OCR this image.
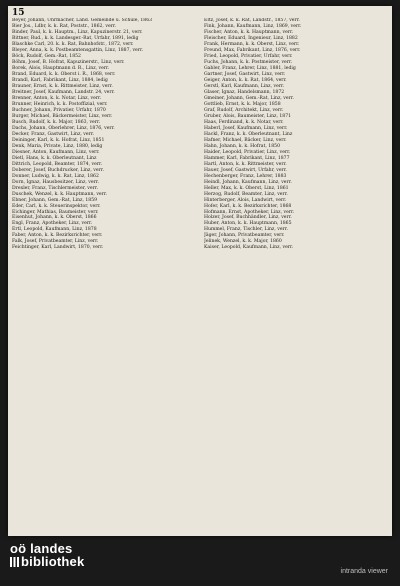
15
Beyer, Johann, Uhrmacher, Land. Gemeinde u. Schule, 1863
Bier Jos., Ldbr, k. k. Rat, Poststr., 1862, verr.
Binder, Paul, k. k. Hauptm., Linz, Kapuzinerstr. 21, verr.
Bittner, Rud., k. k. Landesger.-Rat, Urfahr, 1891, ledig
Blaschke Carl, 20. k. k. Rat, Bahnhofstr., 1872, verr.
Bleyer, Anna, k. k. Postbeamtensgattin, Linz, 1887, verr.
Böck, Rudolf, Gem.-Rat, 1852
Böhm, Josef, B. Hofrat, Kapuzinerstr., Linz, verr.
Borek, Alois, Hauptmann d. R., Linz, verr.
Brand, Eduard, k. k. Oberst i. R., 1868, verr.
Brandl, Karl, Fabrikant, Linz, 1884, ledig
Brauner, Ernst, k. k. Rittmeister, Linz, verr.
Breitner, Josef, Kaufmann, Landstr. 24, verr.
Brenner, Anton, k. k. Notar, Linz, verr.
Brunner, Heinrich, k. k. Postoffizial, verr.
Buchner, Johann, Privatier, Urfahr, 1870
Burger, Michael, Bäckermeister, Linz, verr.
Busch, Rudolf, k. k. Major, 1863, verr.
Dachs, Johann, Oberlehrer, Linz, 1876, verr.
Decker, Franz, Gastwirt, Linz, verr.
Deininger, Karl, k. k. Hofrat, Linz, 1851
Denk, Maria, Private, Linz, 1880, ledig
Diesner, Anton, Kaufmann, Linz, verr.
Dietl, Hans, k. k. Oberleutnant, Linz
Dittrich, Leopold, Beamter, 1874, verr.
Doberer, Josef, Buchdrucker, Linz, verr.
Donner, Ludwig, k. k. Rat, Linz, 1862
Dorn, Ignaz, Hausbesitzer, Linz, verr.
Drexler, Franz, Tischlermeister, verr.
Duschek, Wenzel, k. k. Hauptmann, verr.
Ebner, Johann, Gem.-Rat, Linz, 1859
Eder, Carl, k. k. Steuerinspektor, verr.
Eichinger, Mathias, Baumeister, verr.
Eisenhut, Johann, k. k. Oberst, 1866
Engl, Franz, Apotheker, Linz, verr.
Ertl, Leopold, Kaufmann, Linz, 1878
Faber, Anton, k. k. Bezirksrichter, verr.
Falk, Josef, Privatbeamter, Linz, verr.
Feichtinger, Karl, Landwirt, 1870, verr.
Eltz, Josef, k. k. Rat, Landstr., 1857, verr.
Fink, Johann, Kaufmann, Linz, 1869, verr.
Fischer, Anton, k. k. Hauptmann, verr.
Fleischer, Eduard, Ingenieur, Linz, 1882
Frank, Hermann, k. k. Oberst, Linz, verr.
Freund, Max, Fabrikant, Linz, 1876, verr.
Fried, Leopold, Privatier, Urfahr, verr.
Fuchs, Johann, k. k. Postmeister, verr.
Gabler, Franz, Lehrer, Linz, 1881, ledig
Gartner, Josef, Gastwirt, Linz, verr.
Geiger, Anton, k. k. Rat, 1864, verr.
Gerstl, Karl, Kaufmann, Linz, verr.
Glaser, Ignaz, Handelsmann, 1872
Gmeiner, Johann, Gem.-Rat, Linz, verr.
Gottlieb, Ernst, k. k. Major, 1858
Graf, Rudolf, Architekt, Linz, verr.
Gruber, Alois, Baumeister, Linz, 1871
Haas, Ferdinand, k. k. Notar, verr.
Haberl, Josef, Kaufmann, Linz, verr.
Hackl, Franz, k. k. Oberleutnant, Linz
Hafner, Michael, Bäcker, Linz, verr.
Hahn, Johann, k. k. Hofrat, 1850
Haider, Leopold, Privatier, Linz, verr.
Hammer, Karl, Fabrikant, Linz, 1877
Hartl, Anton, k. k. Rittmeister, verr.
Hauer, Josef, Gastwirt, Urfahr, verr.
Hechenberger, Franz, Lehrer, 1883
Heindl, Johann, Kaufmann, Linz, verr.
Heller, Max, k. k. Oberst, Linz, 1861
Herzog, Rudolf, Beamter, Linz, verr.
Hinterberger, Alois, Landwirt, verr.
Hofer, Karl, k. k. Bezirksrichter, 1868
Hofmann, Ernst, Apotheker, Linz, verr.
Holzer, Josef, Buchhändler, Linz, verr.
Huber, Anton, k. k. Hauptmann, 1865
Hummel, Franz, Tischler, Linz, verr.
Jäger, Johann, Privatbeamter, verr.
Jelinek, Wenzel, k. k. Major, 1860
Kaiser, Leopold, Kaufmann, Linz, verr.
oö landes
bibliothek
intranda viewer
